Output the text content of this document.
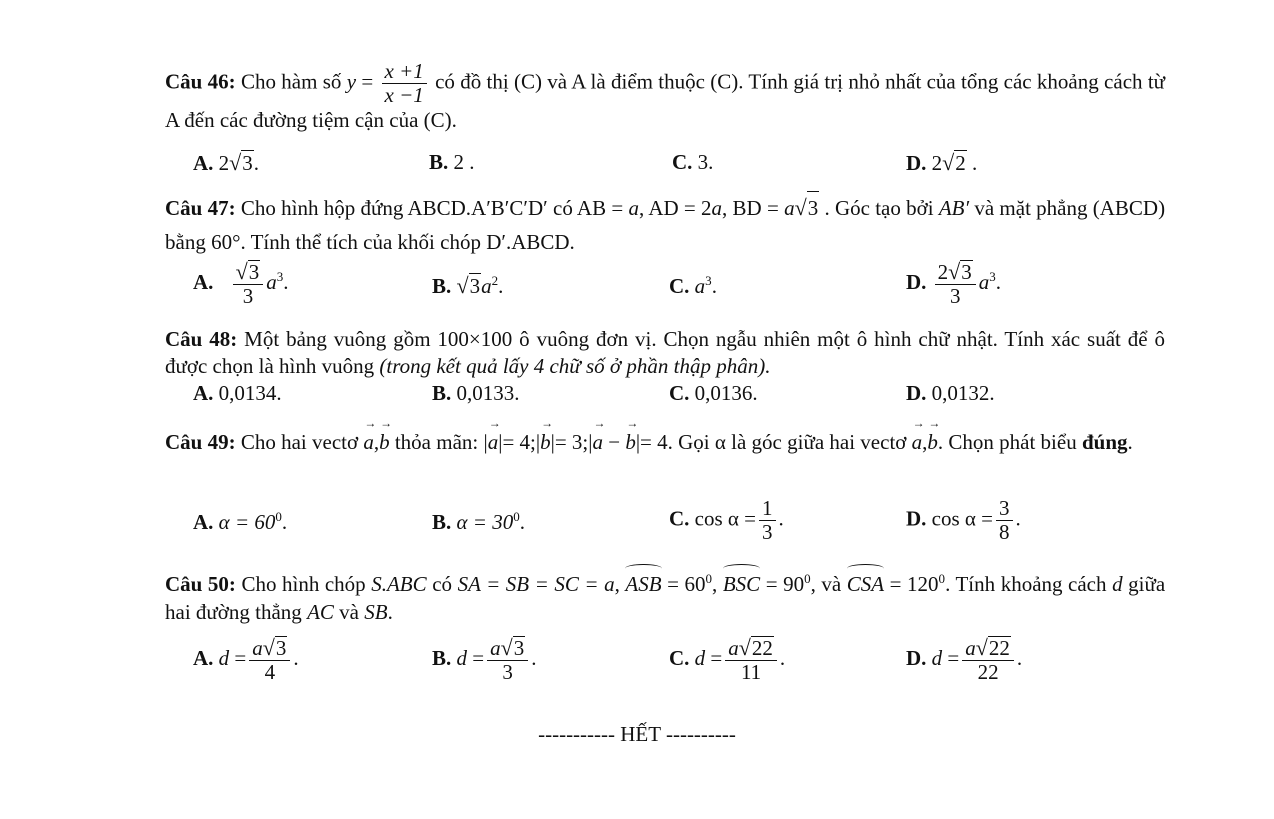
Câu 46: Cho hàm số $y = \frac{x +1}{x -1}$ có đồ thị (C) và A là điểm thuộc (C). Tính giá trị nhỏ nhất của tổng các khoảng cách từ A đến các đường tiệm cận của (C).
A. 2 √ 3 .	B. 2 .	C. 3.	D. 2 √ 2 .
Câu 47: Cho hình hộp đứng ABCD.A′B′C′D′ có AB = a, AD = 2a, BD = a √ 3 . Góc tạo bởi AB′ và mặt phẳng (ABCD) bằng 60°. Tính thể tích của khối chóp D′.ABCD.
A. $\frac{√ 3}{3} a^3$.	B. √ 3 $a^2$.	C. $a^3$.	D. $\frac{2 √ 3}{3} a^3$.
Câu 48: Một bảng vuông gồm 100×100 ô vuông đơn vị. Chọn ngẫu nhiên một ô hình chữ nhật. Tính xác suất để ô được chọn là hình vuông (trong kết quả lấy 4 chữ số ở phần thập phân).
A. 0,0134.	B. 0,0133.	C. 0,0136.	D. 0,0132.
Câu 49: Cho hai vectơ → a,→ b thỏa mãn: |→ a|= 4;|→ b|= 3;|→ a − → b|= 4. Gọi α là góc giữa hai vectơ → a,→ b. Chọn phát biểu đúng.
A. $\alpha = 60^0$.	B. $\alpha = 30^0$.	C. $\cos \alpha = \frac{1}{3}$ .	D. $\cos \alpha = \frac{3}{8}$ .
Câu 50: Cho hình chóp S.ABC có SA = SB = SC = a, ASB = $60^0$, BSC = $90^0$, và CSA = $120^0$. Tính khoảng cách d giữa hai đường thẳng AC và SB.
A. $d = \frac{a √ 3}{4}$ .	B. $d = \frac{a √ 3}{3}$ .	C. $d = \frac{a √ 22}{11}$ .	D. $d = \frac{a √ 22}{22}$ .
----------- HẾT ----------
